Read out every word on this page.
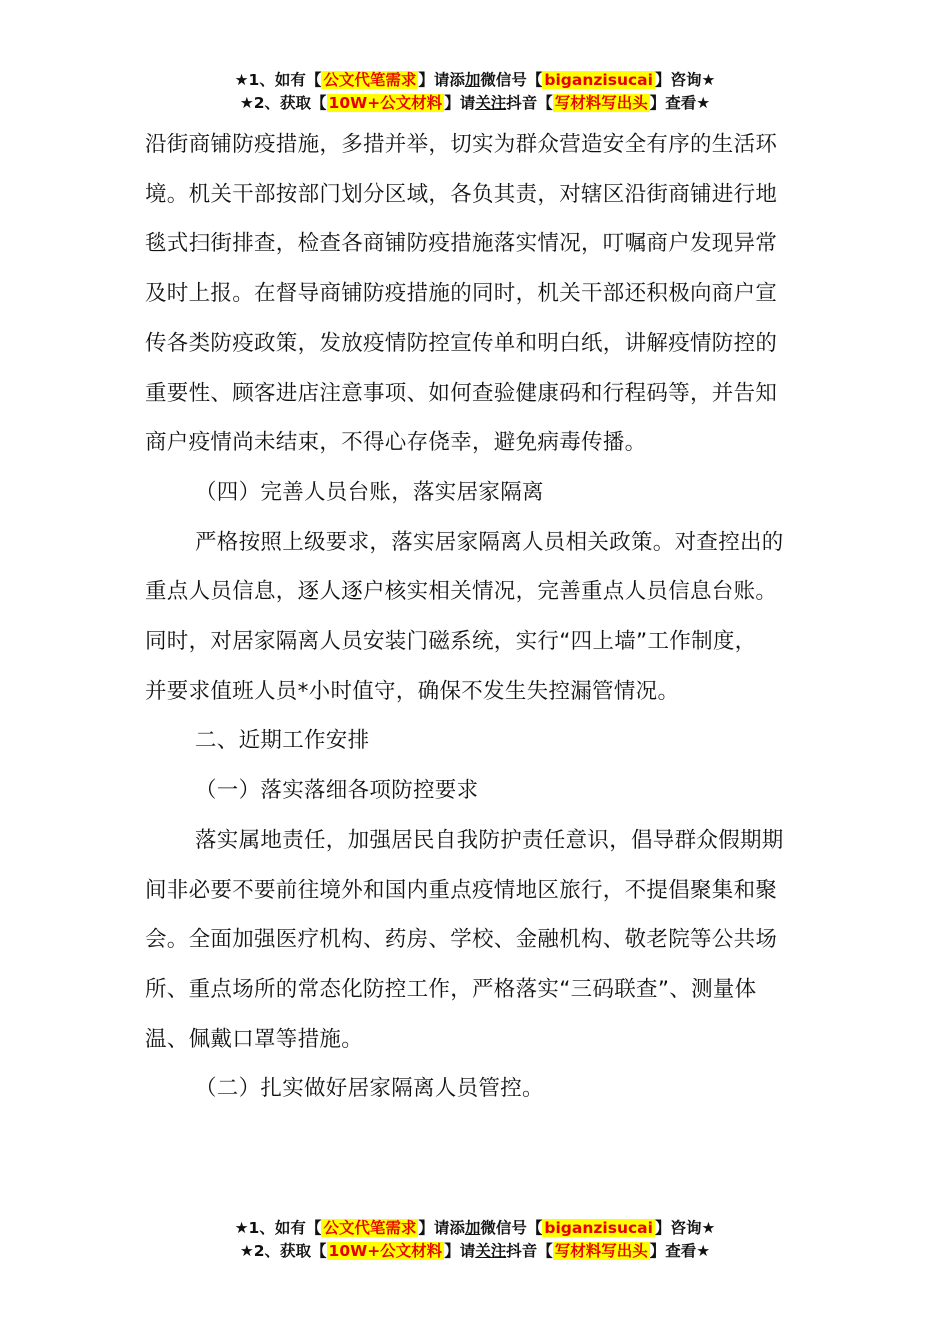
★1、如有【 公文代笔需求 】请添加微信号【 biganzisucai 】咨询★
★2、获取【 10W+公文材料 】请关注抖音【 写材料写出头 】查看★

沿街商铺防疫措施，多措并举，切实为群众营造安全有序的生活环

境。机关干部按部门划分区域，各负其责，对辖区沿街商铺进行地

毯式扫街排查，检查各商铺防疫措施落实情况，叮嘱商户发现异常

及时上报。在督导商铺防疫措施的同时，机关干部还积极向商户宣

传各类防疫政策，发放疫情防控宣传单和明白纸，讲解疫情防控的

重要性、顾客进店注意事项、如何查验健康码和行程码等，并告知

商户疫情尚未结束，不得心存侥幸，避免病毒传播。

（四）完善人员台账，落实居家隔离

严格按照上级要求，落实居家隔离人员相关政策。对查控出的

重点人员信息，逐人逐户核实相关情况，完善重点人员信息台账。

同时，对居家隔离人员安装门磁系统，实行“四上墙”工作制度，

并要求值班人员*小时值守，确保不发生失控漏管情况。

二、近期工作安排

（一）落实落细各项防控要求

落实属地责任，加强居民自我防护责任意识，倡导群众假期期

间非必要不要前往境外和国内重点疫情地区旅行，不提倡聚集和聚

会。全面加强医疗机构、药房、学校、金融机构、敬老院等公共场

所、重点场所的常态化防控工作，严格落实“三码联查”、测量体

温、佩戴口罩等措施。

（二）扎实做好居家隔离人员管控。

★1、如有【 公文代笔需求 】请添加微信号【 biganzisucai 】咨询★
★2、获取【 10W+公文材料 】请关注抖音【 写材料写出头 】查看★
